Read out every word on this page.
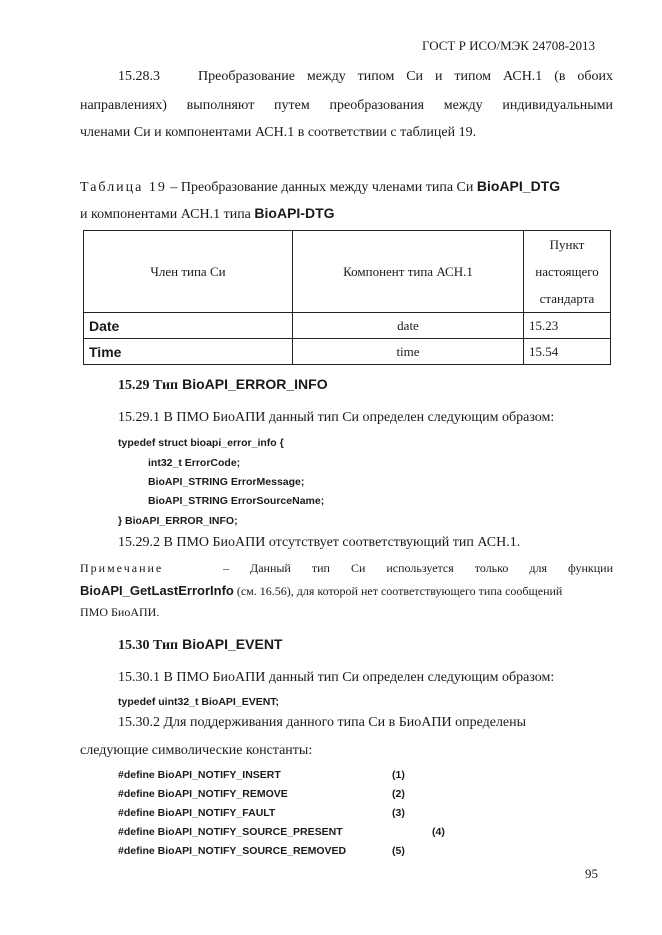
ГОСТ Р ИСО/МЭК 24708-2013
15.28.3	Преобразование между типом Си и типом АСН.1 (в обоих
направлениях) выполняют путем преобразования между индивидуальными
членами Си и компонентами АСН.1 в соответствии с таблицей 19.
Таблица 19 – Преобразование данных между членами типа Си BioAPI_DTG
и компонентами АСН.1 типа BioAPI-DTG
Член типа Си	Компонент типа АСН.1	Пункт
настоящего
стандарта

Date	date	15.23
Time	time	15.54
15.29 Тип BioAPI_ERROR_INFO
15.29.1 В ПМО БиоАПИ данный тип Си определен следующим образом:
typedef struct bioapi_error_info {
int32_t ErrorCode;
BioAPI_STRING ErrorMessage;
BioAPI_STRING ErrorSourceName;
} BioAPI_ERROR_INFO;
15.29.2 В ПМО БиоАПИ отсутствует соответствующий тип АСН.1.
Примечание	– Данный тип Си используется только для функции
BioAPI_GetLastErrorInfo (см. 16.56), для которой нет соответствующего типа сообщений
ПМО БиоАПИ.
15.30 Тип BioAPI_EVENT
15.30.1 В ПМО БиоАПИ данный тип Си определен следующим образом:
typedef uint32_t BioAPI_EVENT;
15.30.2 Для поддерживания данного типа Си в БиоАПИ определены
следующие символические константы:
#define BioAPI_NOTIFY_INSERT	(1)
#define BioAPI_NOTIFY_REMOVE	(2)
#define BioAPI_NOTIFY_FAULT	(3)
#define BioAPI_NOTIFY_SOURCE_PRESENT	(4)
#define BioAPI_NOTIFY_SOURCE_REMOVED	(5)
95
